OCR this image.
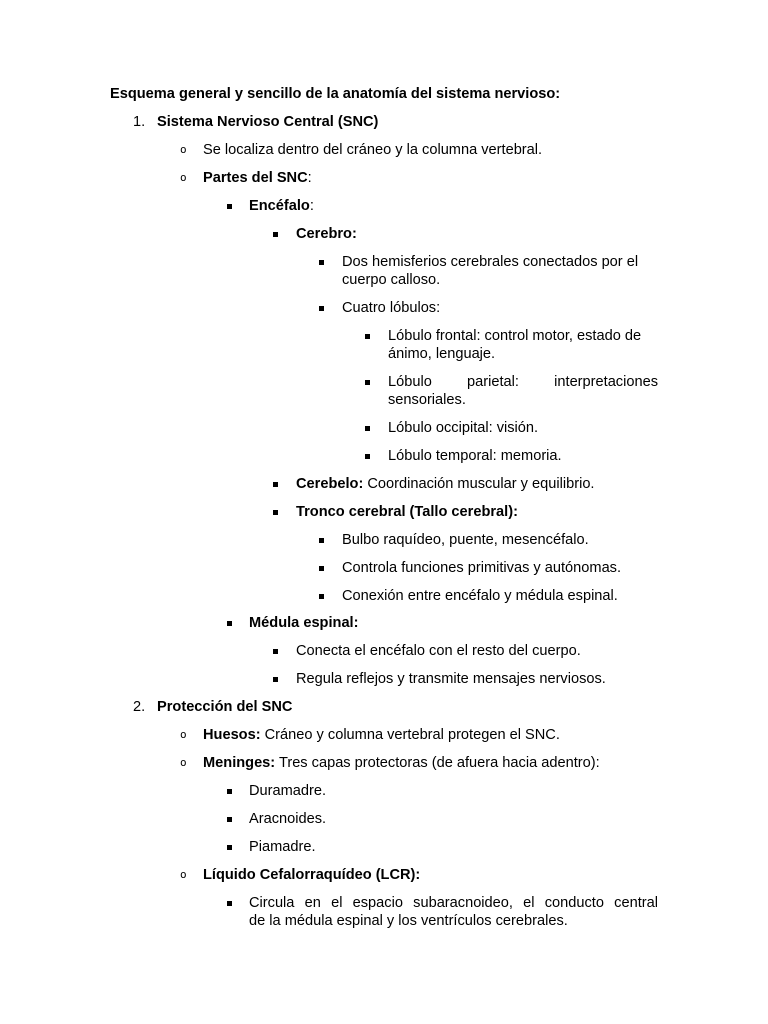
Esquema general y sencillo de la anatomía del sistema nervioso:
1. Sistema Nervioso Central (SNC)
o Se localiza dentro del cráneo y la columna vertebral.
o Partes del SNC:
Encéfalo:
Cerebro:
Dos hemisferios cerebrales conectados por el
cuerpo calloso.
Cuatro lóbulos:
Lóbulo frontal: control motor, estado de
ánimo, lenguaje.
Lóbulo parietal: interpretaciones
sensoriales.
Lóbulo occipital: visión.
Lóbulo temporal: memoria.
Cerebelo: Coordinación muscular y equilibrio.
Tronco cerebral (Tallo cerebral):
Bulbo raquídeo, puente, mesencéfalo.
Controla funciones primitivas y autónomas.
Conexión entre encéfalo y médula espinal.
Médula espinal:
Conecta el encéfalo con el resto del cuerpo.
Regula reflejos y transmite mensajes nerviosos.
2. Protección del SNC
o Huesos: Cráneo y columna vertebral protegen el SNC.
o Meninges: Tres capas protectoras (de afuera hacia adentro):
Duramadre.
Aracnoides.
Piamadre.
o Líquido Cefalorraquídeo (LCR):
Circula en el espacio subaracnoideo, el conducto central
de la médula espinal y los ventrículos cerebrales.
